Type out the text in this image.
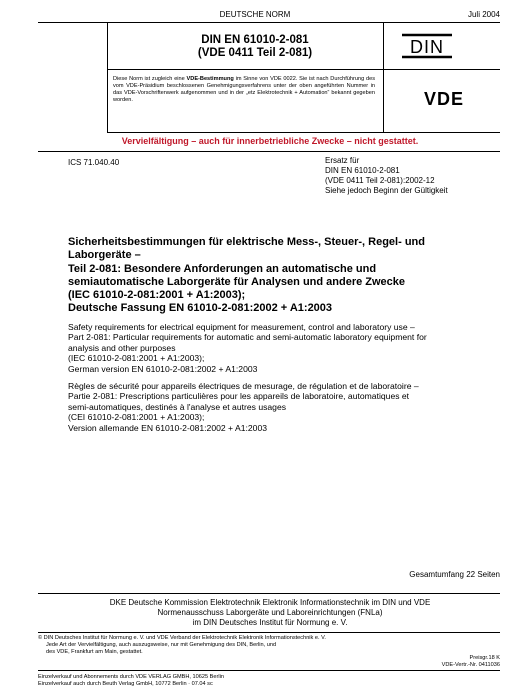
DEUTSCHE NORM	Juli 2004
DIN EN 61010-2-081
(VDE 0411 Teil 2-081)	DIN
Diese Norm ist zugleich eine VDE-Bestimmung im Sinne von VDE 0022. Sie ist nach Durchführung des vom VDE-Präsidium beschlossenen Genehmigungsverfahrens unter der oben angeführten Nummer in das VDE-Vorschriftenwerk aufgenommen und in der „etz Elektrotechnik + Automation“ bekannt gegeben worden.	VDE
Vervielfältigung – auch für innerbetriebliche Zwecke – nicht gestattet.
ICS 71.040.40	Ersatz für
DIN EN 61010-2-081
(VDE 0411 Teil 2-081):2002-12
Siehe jedoch Beginn der Gültigkeit
Sicherheitsbestimmungen für elektrische Mess-, Steuer-, Regel- und
Laborgeräte –
Teil 2-081: Besondere Anforderungen an automatische und
semiautomatische Laborgeräte für Analysen und andere Zwecke
(IEC 61010-2-081:2001 + A1:2003);
Deutsche Fassung EN 61010-2-081:2002 + A1:2003
Safety requirements for electrical equipment for measurement, control and laboratory use –
Part 2-081: Particular requirements for automatic and semi-automatic laboratory equipment for
analysis and other purposes
(IEC 61010-2-081:2001 + A1:2003);
German version EN 61010-2-081:2002 + A1:2003
Règles de sécurité pour appareils électriques de mesurage, de régulation et de laboratoire –
Partie 2-081: Prescriptions particulières pour les appareils de laboratoire, automatiques et
semi-automatiques, destinés à l'analyse et autres usages
(CEI 61010-2-081:2001 + A1:2003);
Version allemande EN 61010-2-081:2002 + A1:2003
Gesamtumfang 22 Seiten
DKE Deutsche Kommission Elektrotechnik Elektronik Informationstechnik im DIN und VDE
Normenausschuss Laborgeräte und Laboreinrichtungen (FNLa)
im DIN Deutsches Institut für Normung e. V.
© DIN Deutsches Institut für Normung e. V. und VDE Verband der Elektrotechnik Elektronik Informationstechnik e. V.
Jede Art der Vervielfältigung, auch auszugsweise, nur mit Genehmigung des DIN, Berlin, und
des VDE, Frankfurt am Main, gestattet.
Preisgr.18 K
VDE-Vertr.-Nr. 0411036
Einzelverkauf und Abonnements durch VDE VERLAG GMBH, 10625 Berlin
Einzelverkauf auch durch Beuth Verlag GmbH, 10772 Berlin · 07.04 sc
